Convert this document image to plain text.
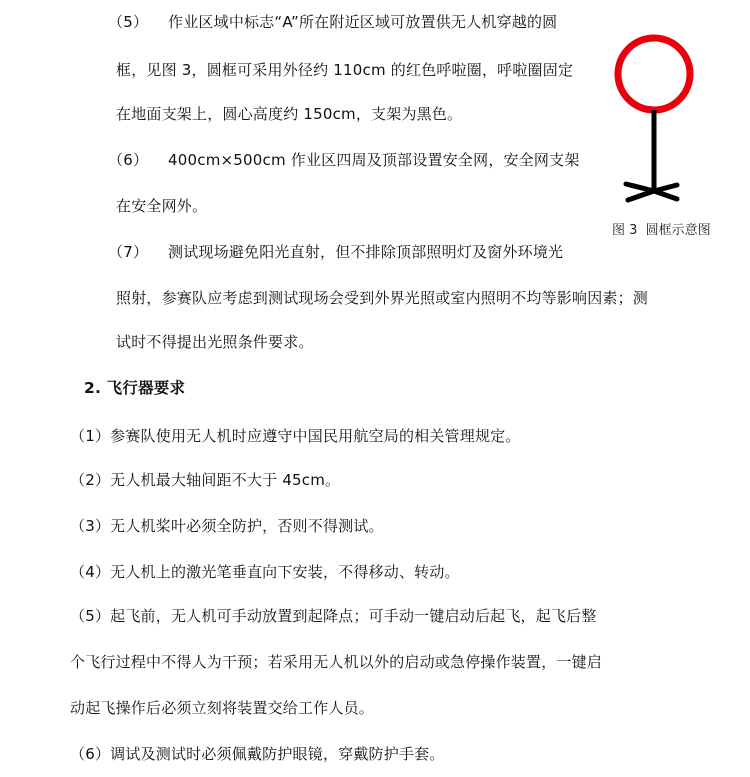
（5）    作业区域中标志“A”所在附近区域可放置供无人机穿越的圆
框，见图 3，圆框可采用外径约 110cm 的红色呼啦圈，呼啦圈固定
在地面支架上，圆心高度约 150cm，支架为黑色。
（6）    400cm×500cm 作业区四周及顶部设置安全网，安全网支架
在安全网外。
（7）    测试现场避免阳光直射，但不排除顶部照明灯及窗外环境光
照射，参赛队应考虑到测试现场会受到外界光照或室内照明不均等影响因素；测
试时不得提出光照条件要求。
图 3  圆框示意图
2. 飞行器要求
（1）参赛队使用无人机时应遵守中国民用航空局的相关管理规定。
（2）无人机最大轴间距不大于 45cm。
（3）无人机桨叶必须全防护，否则不得测试。
（4）无人机上的激光笔垂直向下安装，不得移动、转动。
（5）起飞前，无人机可手动放置到起降点；可手动一键启动后起飞，起飞后整
个飞行过程中不得人为干预；若采用无人机以外的启动或急停操作装置，一键启
动起飞操作后必须立刻将装置交给工作人员。
（6）调试及测试时必须佩戴防护眼镜，穿戴防护手套。
